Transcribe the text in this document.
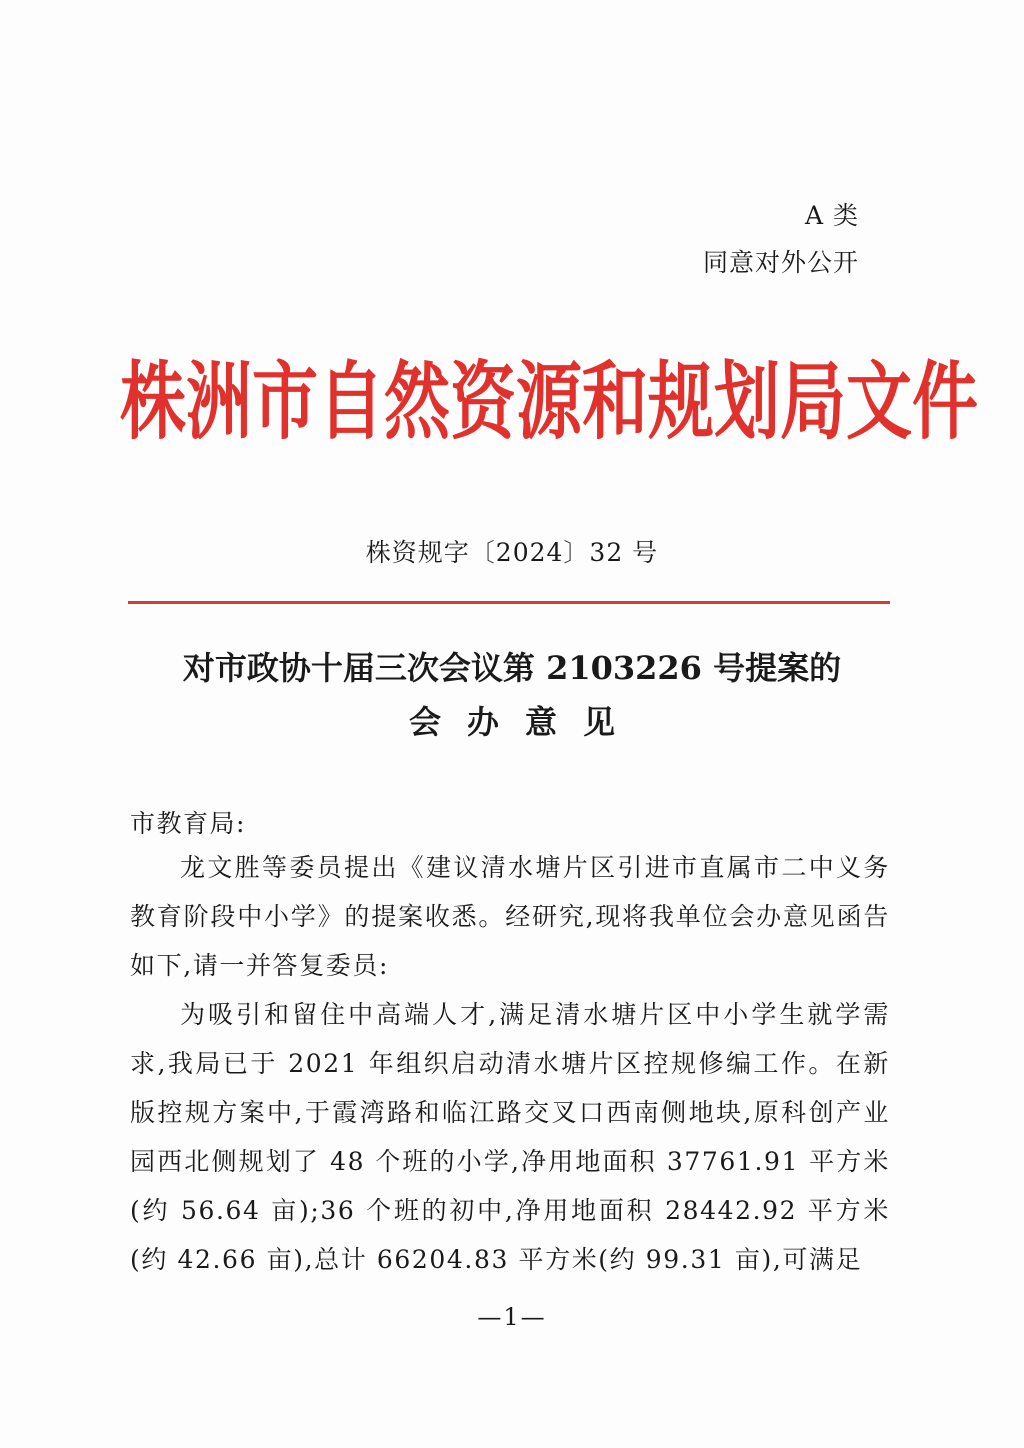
A 类
同意对外公开
株洲市自然资源和规划局文件
株资规字〔2024〕32 号
对市政协十届三次会议第 2103226 号提案的
会办意见
市教育局:
龙文胜等委员提出《建议清水塘片区引进市直属市二中义务教育阶段中小学》的提案收悉。经研究,现将我单位会办意见函告如下,请一并答复委员:
为吸引和留住中高端人才,满足清水塘片区中小学生就学需求,我局已于 2021 年组织启动清水塘片区控规修编工作。在新版控规方案中,于霞湾路和临江路交叉口西南侧地块,原科创产业园西北侧规划了 48 个班的小学,净用地面积 37761.91 平方米(约 56.64 亩);36 个班的初中,净用地面积 28442.92 平方米(约 42.66 亩),总计 66204.83 平方米(约 99.31 亩),可满足
—1—
